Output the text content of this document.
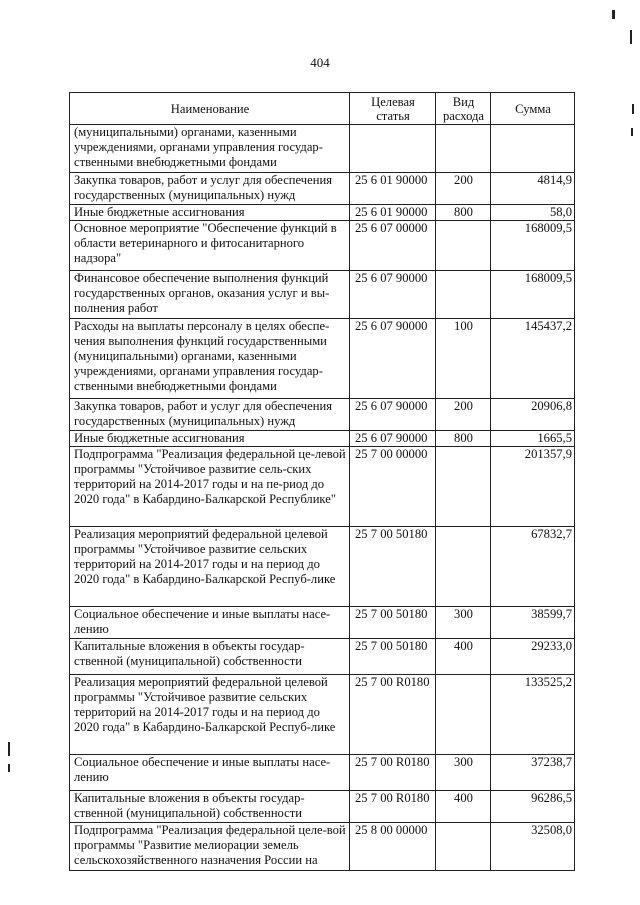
404
Наименование	Целевая статья	Вид расхода	Сумма
(муниципальными) органами, казенными учреждениями, органами управления государ-ственными внебюджетными фондами			
Закупка товаров, работ и услуг для обеспечения государственных (муниципальных) нужд	25 6 01 90000	200	4814,9
Иные бюджетные ассигнования	25 6 01 90000	800	58,0
Основное мероприятие "Обеспечение функций в области ветеринарного и фитосанитарного надзора"	25 6 07 00000		168009,5
Финансовое обеспечение выполнения функций государственных органов, оказания услуг и вы-полнения работ	25 6 07 90000		168009,5
Расходы на выплаты персоналу в целях обеспе-чения выполнения функций государственными (муниципальными) органами, казенными учреждениями, органами управления государ-ственными внебюджетными фондами	25 6 07 90000	100	145437,2
Закупка товаров, работ и услуг для обеспечения государственных (муниципальных) нужд	25 6 07 90000	200	20906,8
Иные бюджетные ассигнования	25 6 07 90000	800	1665,5
Подпрограмма "Реализация федеральной це-левой программы "Устойчивое развитие сель-ских территорий на 2014-2017 годы и на пе-риод до 2020 года" в Кабардино-Балкарской Республике"	25 7 00 00000		201357,9
Реализация мероприятий федеральной целевой программы "Устойчивое развитие сельских территорий на 2014-2017 годы и на период до 2020 года" в Кабардино-Балкарской Респуб-лике	25 7 00 50180		67832,7
Социальное обеспечение и иные выплаты насе-лению	25 7 00 50180	300	38599,7
Капитальные вложения в объекты государ-ственной (муниципальной) собственности	25 7 00 50180	400	29233,0
Реализация мероприятий федеральной целевой программы "Устойчивое развитие сельских территорий на 2014-2017 годы и на период до 2020 года" в Кабардино-Балкарской Респуб-лике	25 7 00 R0180		133525,2
Социальное обеспечение и иные выплаты насе-лению	25 7 00 R0180	300	37238,7
Капитальные вложения в объекты государ-ственной (муниципальной) собственности	25 7 00 R0180	400	96286,5
Подпрограмма "Реализация федеральной целе-вой программы "Развитие мелиорации земель сельскохозяйственного назначения России на	25 8 00 00000		32508,0
